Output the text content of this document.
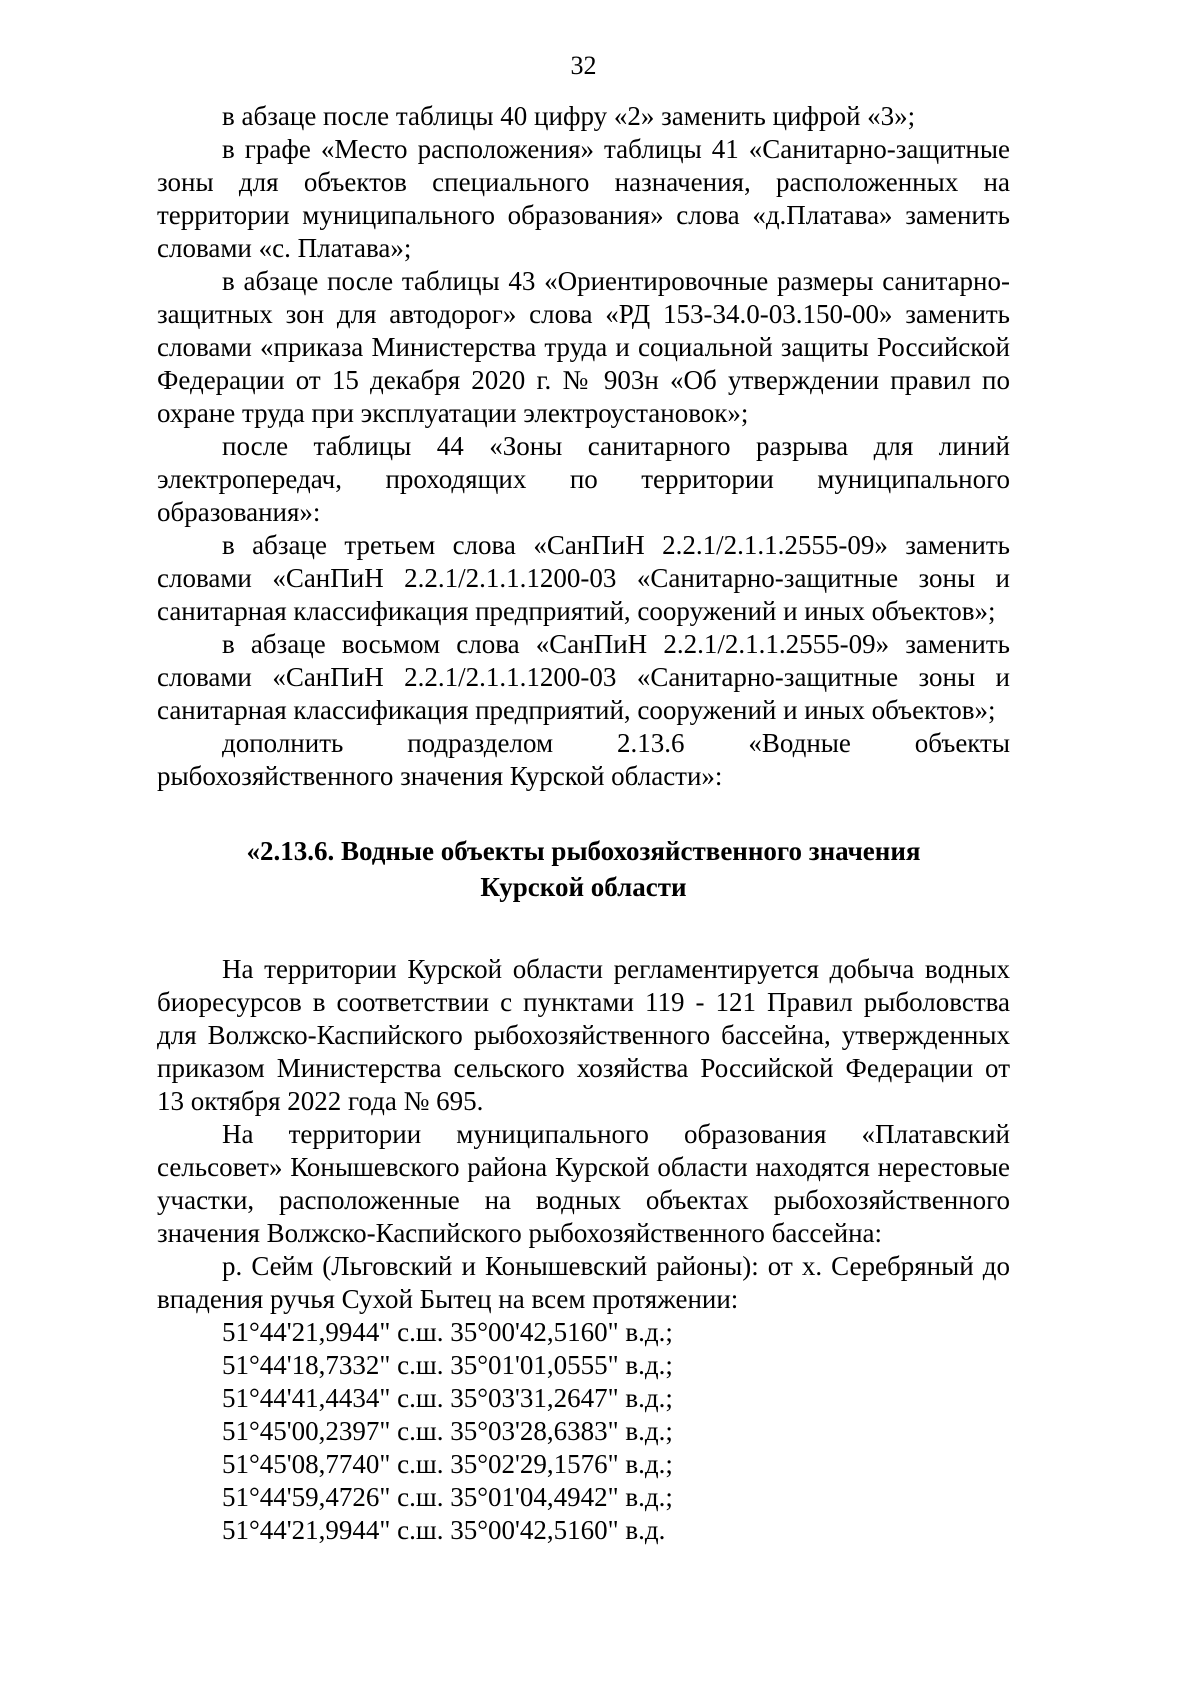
32

в абзаце после таблицы 40 цифру «2» заменить цифрой «3»;

в графе «Место расположения» таблицы 41 «Санитарно-защитные зоны для объектов специального назначения, расположенных на территории муниципального образования» слова «д.Платава» заменить словами «с. Платава»;

в абзаце после таблицы 43 «Ориентировочные размеры санитарно-защитных зон для автодорог» слова «РД 153-34.0-03.150-00» заменить словами «приказа Министерства труда и социальной защиты Российской Федерации от 15 декабря 2020 г. № 903н «Об утверждении правил по охране труда при эксплуатации электроустановок»;

после таблицы 44 «Зоны санитарного разрыва для линий электропередач, проходящих по территории муниципального образования»:

в абзаце третьем слова «СанПиН 2.2.1/2.1.1.2555-09» заменить словами «СанПиН 2.2.1/2.1.1.1200-03 «Санитарно-защитные зоны и санитарная классификация предприятий, сооружений и иных объектов»;

в абзаце восьмом слова «СанПиН 2.2.1/2.1.1.2555-09» заменить словами «СанПиН 2.2.1/2.1.1.1200-03 «Санитарно-защитные зоны и санитарная классификация предприятий, сооружений и иных объектов»;

дополнить подразделом 2.13.6 «Водные объекты рыбохозяйственного значения Курской области»:

«2.13.6. Водные объекты рыбохозяйственного значения
Курской области

На территории Курской области регламентируется добыча водных биоресурсов в соответствии с пунктами 119 - 121 Правил рыболовства для Волжско-Каспийского рыбохозяйственного бассейна, утвержденных приказом Министерства сельского хозяйства Российской Федерации от 13 октября 2022 года № 695.

На территории муниципального образования «Платавский сельсовет» Конышевского района Курской области находятся нерестовые участки, расположенные на водных объектах рыбохозяйственного значения Волжско-Каспийского рыбохозяйственного бассейна:

р. Сейм (Льговский и Конышевский районы): от х. Серебряный до впадения ручья Сухой Бытец на всем протяжении:

51°44'21,9944" с.ш. 35°00'42,5160" в.д.;
51°44'18,7332" с.ш. 35°01'01,0555" в.д.;
51°44'41,4434" с.ш. 35°03'31,2647" в.д.;
51°45'00,2397" с.ш. 35°03'28,6383" в.д.;
51°45'08,7740" с.ш. 35°02'29,1576" в.д.;
51°44'59,4726" с.ш. 35°01'04,4942" в.д.;
51°44'21,9944" с.ш. 35°00'42,5160" в.д.
